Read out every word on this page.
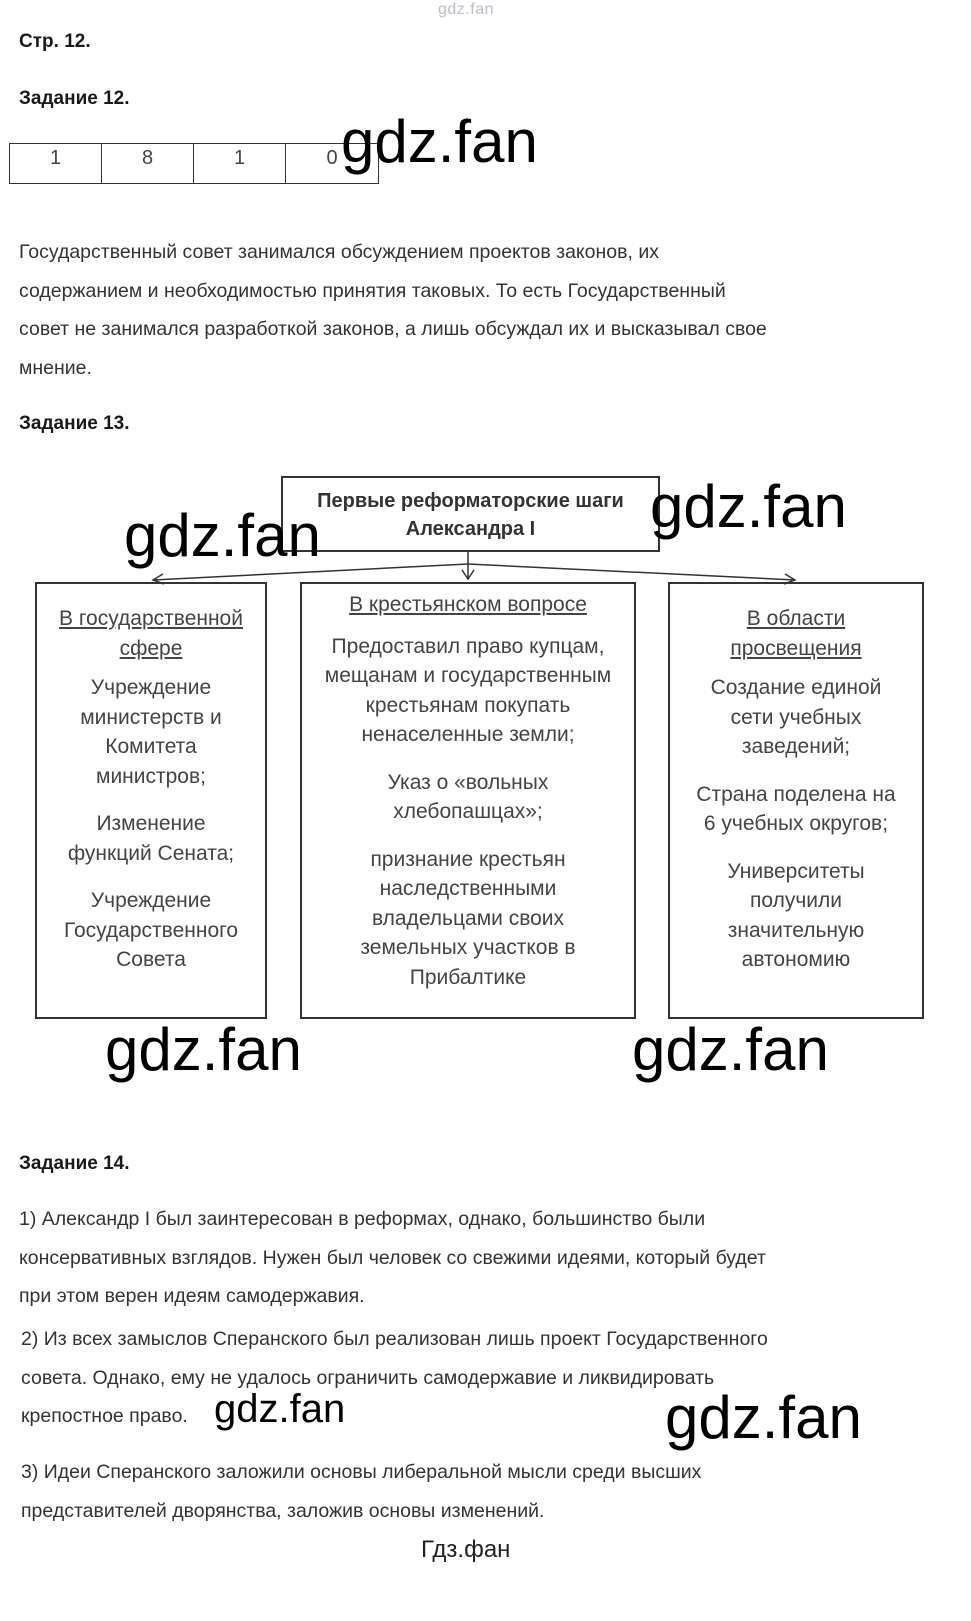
gdz.fan
Стр. 12.
Задание 12.
1	8	1	0
Государственный совет занимался обсуждением проектов законов, их
содержанием и необходимостью принятия таковых. То есть Государственный
совет не занимался разработкой законов, а лишь обсуждал их и высказывал свое
мнение.
Задание 13.
Первые реформаторские шаги
Александра I
В государственной
сфере
Учреждение
министерств и
Комитета
министров;
Изменение
функций Сената;
Учреждение
Государственного
Совета
В крестьянском вопросе
Предоставил право купцам,
мещанам и государственным
крестьянам покупать
ненаселенные земли;
Указ о «вольных
хлебопашцах»;
признание крестьян
наследственными
владельцами своих
земельных участков в
Прибалтике
В области
просвещения
Создание единой
сети учебных
заведений;
Страна поделена на
6 учебных округов;
Университеты
получили
значительную
автономию
Задание 14.
1) Александр I был заинтересован в реформах, однако, большинство были
консервативных взглядов. Нужен был человек со свежими идеями, который будет
при этом верен идеям самодержавия.
2) Из всех замыслов Сперанского был реализован лишь проект Государственного
совета. Однако, ему не удалось ограничить самодержавие и ликвидировать
крепостное право.
3) Идеи Сперанского заложили основы либеральной мысли среди высших
представителей дворянства, заложив основы изменений.
gdz.fan
gdz.fan
gdz.fan
gdz.fan	gdz.fan
gdz.fan	gdz.fan
Гдз.фан
